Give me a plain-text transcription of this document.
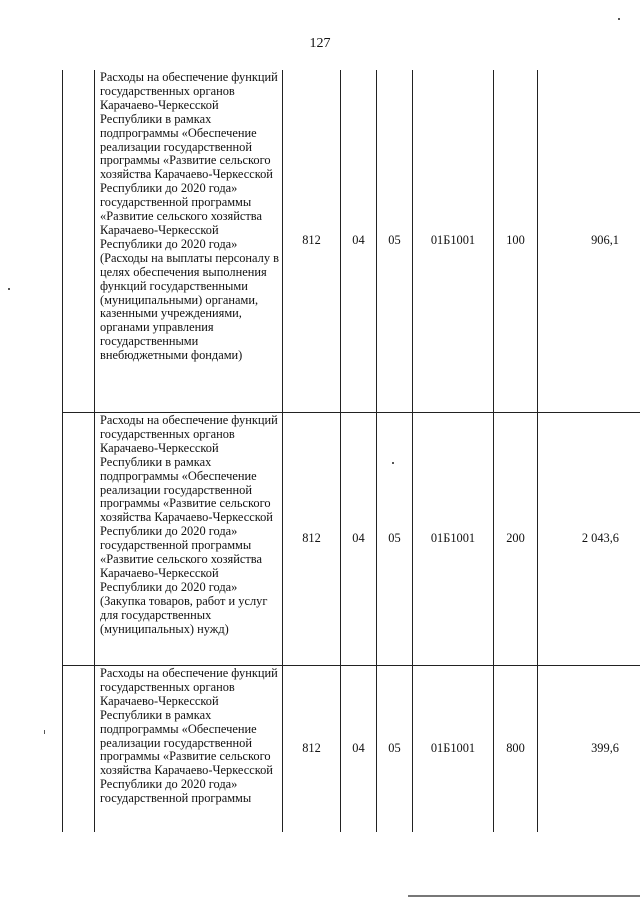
127
	Расходы на обеспечение функций государственных органов Карачаево-Черкесской Республики в рамках подпрограммы «Обеспечение реализации государственной программы «Развитие сельского хозяйства Карачаево-Черкесской Республики до 2020 года» государственной программы «Развитие сельского хозяйства Карачаево-Черкесской Республики до 2020 года» (Расходы на выплаты персоналу в целях обеспечения выполнения функций государственными (муниципальными) органами, казенными учреждениями, органами управления государственными внебюджетными фондами)	812	04	05	01Б1001	100	906,1
	Расходы на обеспечение функций государственных органов Карачаево-Черкесской Республики в рамках подпрограммы «Обеспечение реализации государственной программы «Развитие сельского хозяйства Карачаево-Черкесской Республики до 2020 года» государственной программы «Развитие сельского хозяйства Карачаево-Черкесской Республики до 2020 года» (Закупка товаров, работ и услуг для государственных (муниципальных) нужд)	812	04	05	01Б1001	200	2 043,6
	Расходы на обеспечение функций государственных органов Карачаево-Черкесской Республики в рамках подпрограммы «Обеспечение реализации государственной программы «Развитие сельского хозяйства Карачаево-Черкесской Республики до 2020 года» государственной программы	812	04	05	01Б1001	800	399,6
